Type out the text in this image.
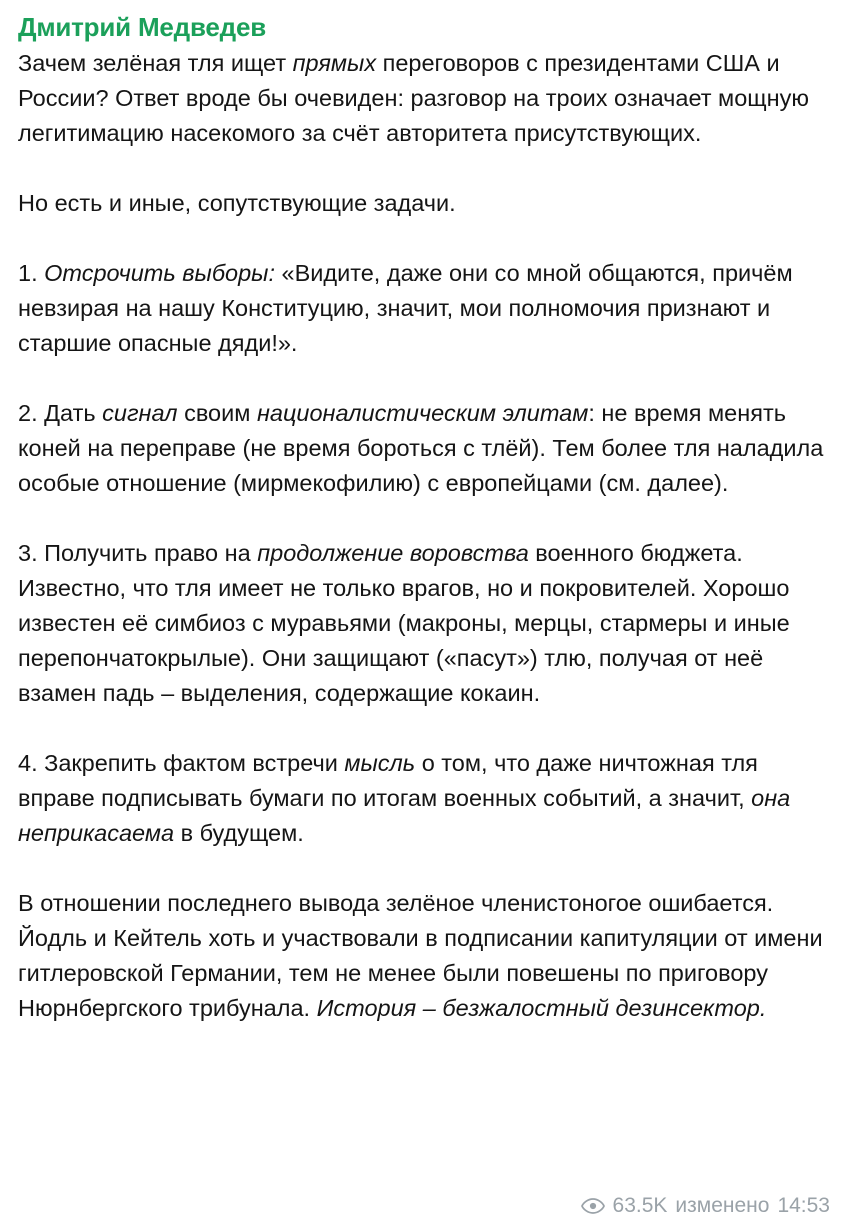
Дмитрий Медведев
Зачем зелёная тля ищет прямых переговоров с президентами США и России? Ответ вроде бы очевиден: разговор на троих означает мощную легитимацию насекомого за счёт авторитета присутствующих.
Но есть и иные, сопутствующие задачи.
1. Отсрочить выборы: «Видите, даже они со мной общаются, причём невзирая на нашу Конституцию, значит, мои полномочия признают и старшие опасные дяди!».
2. Дать сигнал своим националистическим элитам: не время менять коней на переправе (не время бороться с тлёй). Тем более тля наладила особые отношение (мирмекофилию) с европейцами (см. далее).
3. Получить право на продолжение воровства военного бюджета. Известно, что тля имеет не только врагов, но и покровителей. Хорошо известен её симбиоз с муравьями (макроны, мерцы, стармеры и иные перепончатокрылые). Они защищают («пасут») тлю, получая от неё взамен падь – выделения, содержащие кокаин.
4. Закрепить фактом встречи мысль о том, что даже ничтожная тля вправе подписывать бумаги по итогам военных событий, а значит, она неприкасаема в будущем.
В отношении последнего вывода зелёное членистоногое ошибается. Йодль и Кейтель хоть и участвовали в подписании капитуляции от имени гитлеровской Германии, тем не менее были повешены по приговору Нюрнбергского трибунала. История – безжалостный дезинсектор.
63.5K изменено 14:53
